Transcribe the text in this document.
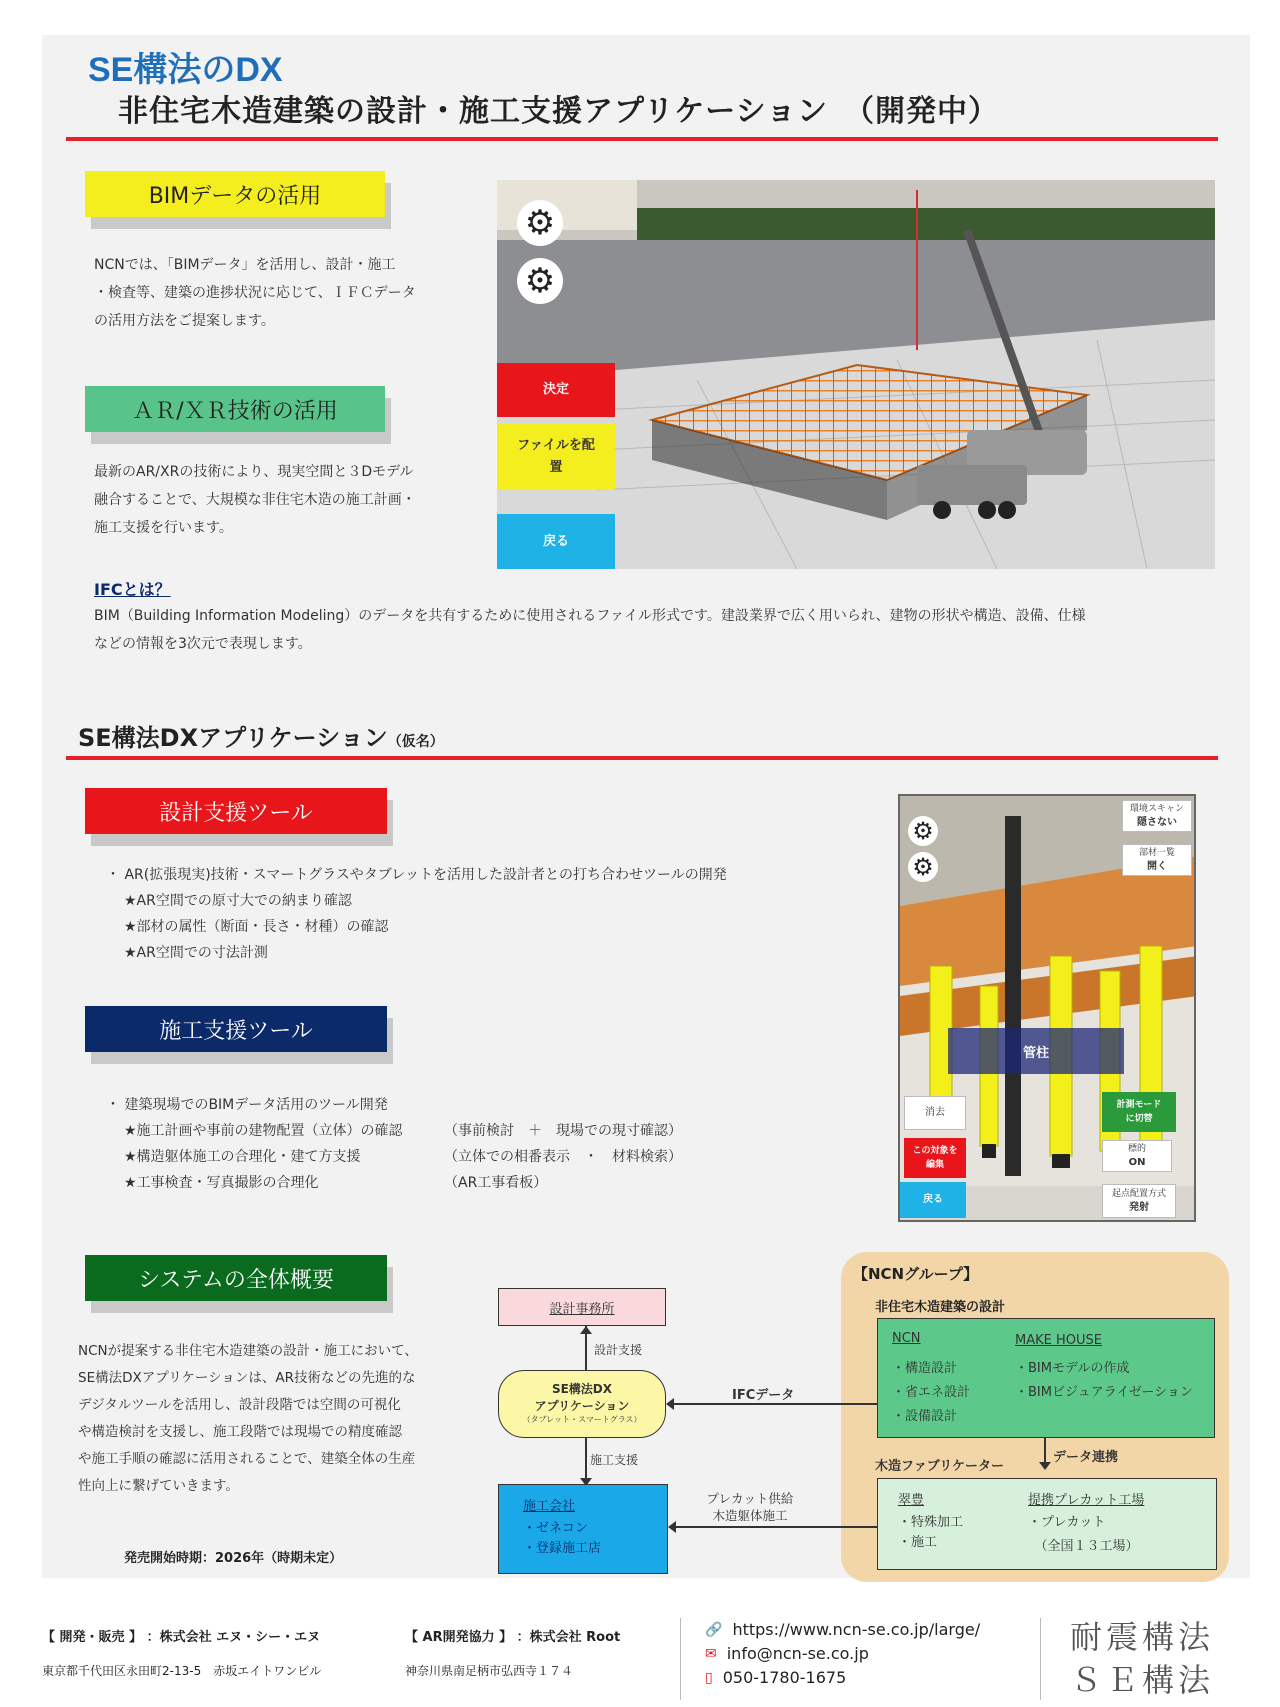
SE構法のDX
非住宅木造建築の設計・施工支援アプリケーション　（開発中）
BIMデータの活用
NCNでは、「BIMデータ」を活用し、設計・施工
・検査等、建築の進捗状況に応じて、ＩＦＣデータ
の活用方法をご提案します。
ＡＲ/ＸＲ技術の活用
最新のAR/XRの技術により、現実空間と３Dモデル
融合することで、大規模な非住宅木造の施工計画・
施工支援を行います。
IFCとは？
BIM（Building Information Modeling）のデータを共有するために使用されるファイル形式です。建設業界で広く用いられ、建物の形状や構造、設備、仕様
などの情報を3次元で表現します。
⚙
⚙
決定
ファイルを配置
戻る
SE構法DXアプリケーション（仮名）
設計支援ツール
・ AR(拡張現実)技術・スマートグラスやタブレットを活用した設計者との打ち合わせツールの開発
★AR空間での原寸大での納まり確認
★部材の属性（断面・長さ・材種）の確認
★AR空間での寸法計測
施工支援ツール
・ 建築現場でのBIMデータ活用のツール開発
★施工計画や事前の建物配置（立体）の確認	（事前検討　＋　現場での現寸確認）
★構造躯体施工の合理化・建て方支援	（立体での相番表示　・　材料検索）
★工事検査・写真撮影の合理化	（AR工事看板）
⚙
⚙
環境スキャン
隠さない
部材一覧
開く
管柱
消去
計測モード
に切替
この対象を
編集
標的
ON
戻る	起点配置方式
発射
システムの全体概要
NCNが提案する非住宅木造建築の設計・施工において、
SE構法DXアプリケーションは、AR技術などの先進的な
デジタルツールを活用し、設計段階では空間の可視化
や構造検討を支援し、施工段階では現場での精度確認
や施工手順の確認に活用されることで、建築全体の生産
性向上に繋げていきます。
発売開始時期：2026年（時期未定）
【NCNグループ】
非住宅木造建築の設計
NCN
・構造設計
・省エネ設計
・設備設計
MAKE HOUSE
・BIMモデルの作成
・BIMビジュアライゼーション
データ連携
木造ファブリケーター
翠豊
・特殊加工
・施工
提携プレカット工場
・プレカット
　（全国１３工場）
設計事務所
設計支援
SE構法DX
アプリケーション
（タブレット・スマートグラス）
IFCデータ
施工支援
施工会社
・ゼネコン
・登録施工店
プレカット供給
木造躯体施工
【 開発・販売 】 ：株式会社 エヌ・シー・エヌ
東京都千代田区永田町2-13-5　赤坂エイトワンビル
【 AR開発協力 】 ：株式会社 Root
神奈川県南足柄市弘西寺１７４
🔗 https://www.ncn-se.co.jp/large/
✉ info@ncn-se.co.jp
▯ 050-1780-1675
耐震構法
ＳＥ構法
